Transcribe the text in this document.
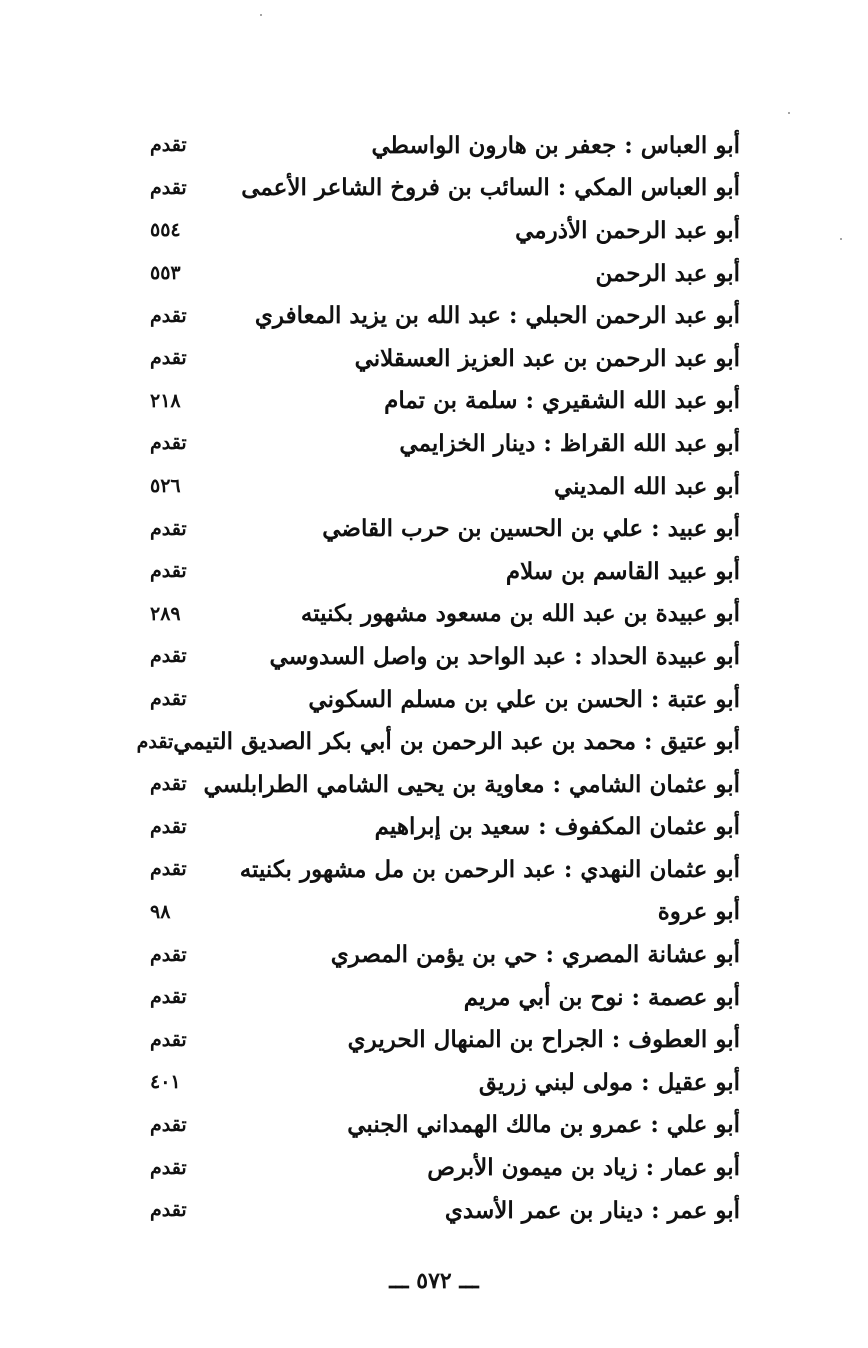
أبو العباس : جعفر بن هارون الواسطي
تقدم
أبو العباس المكي : السائب بن فروخ الشاعر الأعمى
تقدم
أبو عبد الرحمن الأذرمي
٥٥٤
أبو عبد الرحمن
٥٥٣
أبو عبد الرحمن الحبلي : عبد الله بن يزيد المعافري
تقدم
أبو عبد الرحمن بن عبد العزيز العسقلاني
تقدم
أبو عبد الله الشقيري : سلمة بن تمام
٢١٨
أبو عبد الله القراظ : دينار الخزايمي
تقدم
أبو عبد الله المديني
٥٢٦
أبو عبيد : علي بن الحسين بن حرب القاضي
تقدم
أبو عبيد القاسم بن سلام
تقدم
أبو عبيدة بن عبد الله بن مسعود مشهور بكنيته
٢٨٩
أبو عبيدة الحداد : عبد الواحد بن واصل السدوسي
تقدم
أبو عتبة : الحسن بن علي بن مسلم السكوني
تقدم
أبو عتيق : محمد بن عبد الرحمن بن أبي بكر الصديق التيمي
تقدم
أبو عثمان الشامي : معاوية بن يحيى الشامي الطرابلسي
تقدم
أبو عثمان المكفوف : سعيد بن إبراهيم
تقدم
أبو عثمان النهدي : عبد الرحمن بن مل مشهور بكنيته
تقدم
أبو عروة
٩٨
أبو عشانة المصري : حي بن يؤمن المصري
تقدم
أبو عصمة : نوح بن أبي مريم
تقدم
أبو العطوف : الجراح بن المنهال الحريري
تقدم
أبو عقيل : مولى لبني زريق
٤٠١
أبو علي : عمرو بن مالك الهمداني الجنبي
تقدم
أبو عمار : زياد بن ميمون الأبرص
تقدم
أبو عمر : دينار بن عمر الأسدي
تقدم
ـــ ٥٧٢ ـــ
